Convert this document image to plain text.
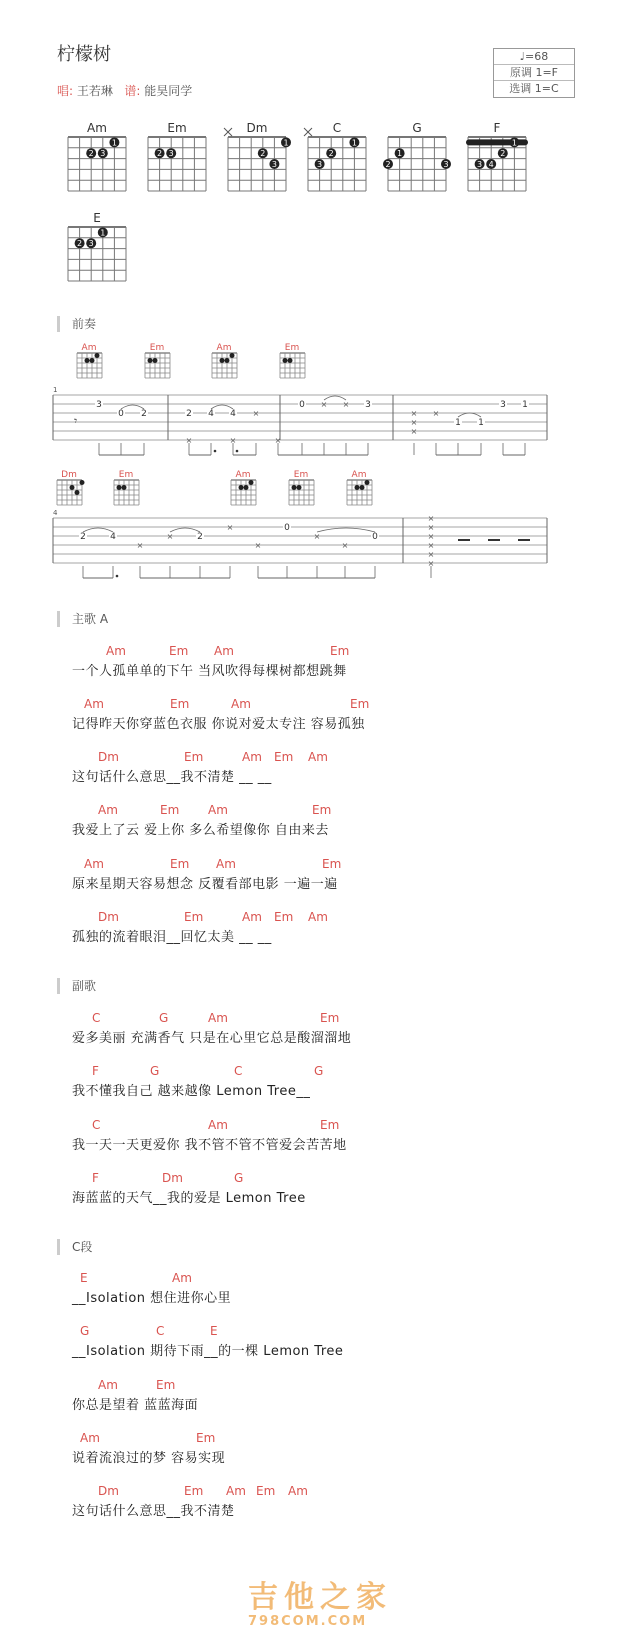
柠檬树
唱: 王若琳 谱: 能昊同学
♩=68
原调 1=F
选调 1=C
Am
1
3
2
Em
3
2
Dm
1
2
3
C
1
2
3
G
1
2	3
F
1
2
3 4
E
1
2 3
前奏
Am	Em	Am	Em
1
𝄾
3
0 2	2 4 4
×	×
×
×
0	3
× ×
×
×
×
×
1 1
3 1
Dm	Em	Am	Em	Am
4
2	4
×
×	2
×
×
0
×
×
0
×
×
×
×
×
×
主歌 A
Am	Em Am	Em
一个人孤单单的下午 当风吹得每棵树都想跳舞
Am	Em	Am	Em
记得昨天你穿蓝色衣服 你说对爱太专注 容易孤独
Dm	Em	Am Em Am
这句话什么意思__我不清楚 __ __
Am	Em Am	Em
我爱上了云 爱上你 多么希望像你 自由来去
Am	Em Am	Em
原来星期天容易想念 反覆看部电影 一遍一遍
Dm	Em	Am Em Am
孤独的流着眼泪__回忆太美 __ __
副歌
C	G	Am	Em
爱多美丽 充满香气 只是在心里它总是酸溜溜地
F	G	C	G
我不懂我自己 越来越像 Lemon Tree__
C	Am	Em
我一天一天更爱你 我不管不管不管爱会苦苦地
F	Dm	G
海蓝蓝的天气__我的爱是 Lemon Tree
C段
E	Am
__Isolation 想住进你心里
G	C	E
__Isolation 期待下雨__的一棵 Lemon Tree
Am	Em
你总是望着 蓝蓝海面
Am	Em
说着流浪过的梦 容易实现
Dm	Em Am Em Am
这句话什么意思__我不清楚
吉他之家
798COM.COM
